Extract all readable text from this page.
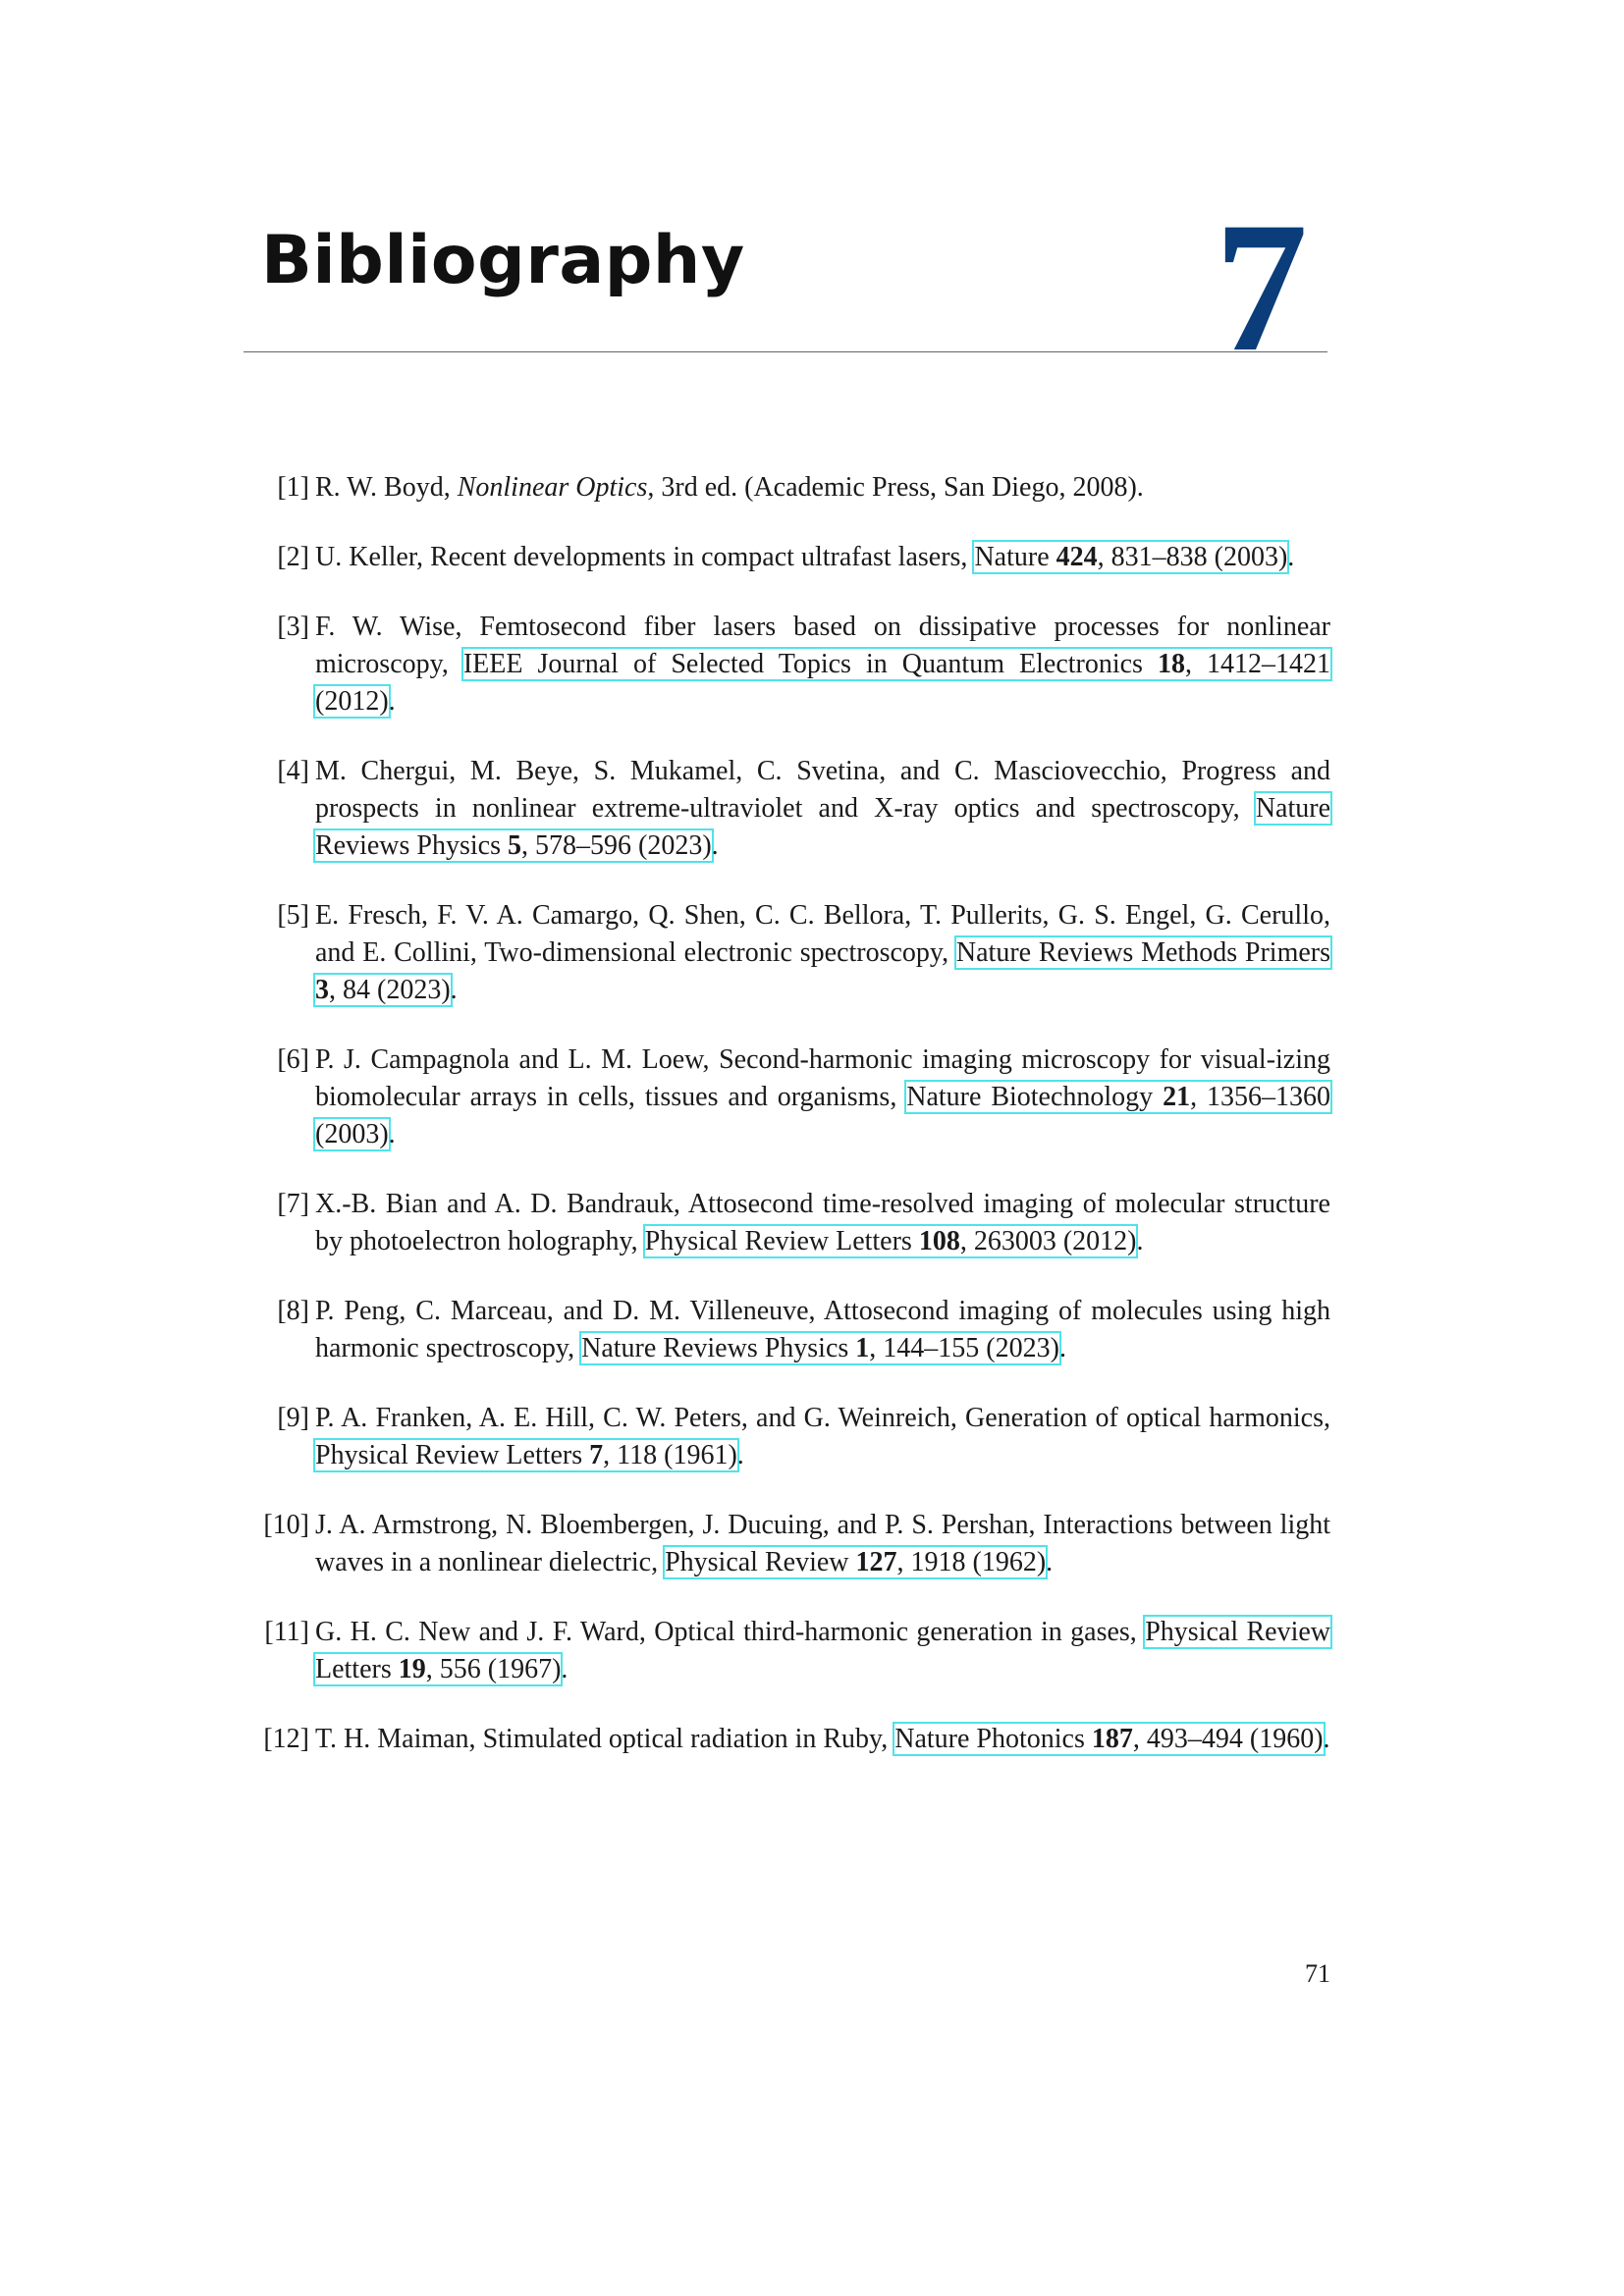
Bibliography	7
[1] R. W. Boyd, Nonlinear Optics, 3rd ed. (Academic Press, San Diego, 2008).
[2] U. Keller, Recent developments in compact ultrafast lasers, Nature 424, 831–838 (2003).
[3] F. W. Wise, Femtosecond fiber lasers based on dissipative processes for nonlinear microscopy, IEEE Journal of Selected Topics in Quantum Electronics 18, 1412–1421 (2012).
[4] M. Chergui, M. Beye, S. Mukamel, C. Svetina, and C. Masciovecchio, Progress and prospects in nonlinear extreme-ultraviolet and X-ray optics and spectroscopy, Nature Reviews Physics 5, 578–596 (2023).
[5] E. Fresch, F. V. A. Camargo, Q. Shen, C. C. Bellora, T. Pullerits, G. S. Engel, G. Cerullo, and E. Collini, Two-dimensional electronic spectroscopy, Nature Reviews Methods Primers 3, 84 (2023).
[6] P. J. Campagnola and L. M. Loew, Second-harmonic imaging microscopy for visual-izing biomolecular arrays in cells, tissues and organisms, Nature Biotechnology 21, 1356–1360 (2003).
[7] X.-B. Bian and A. D. Bandrauk, Attosecond time-resolved imaging of molecular structure by photoelectron holography, Physical Review Letters 108, 263003 (2012).
[8] P. Peng, C. Marceau, and D. M. Villeneuve, Attosecond imaging of molecules using high harmonic spectroscopy, Nature Reviews Physics 1, 144–155 (2023).
[9] P. A. Franken, A. E. Hill, C. W. Peters, and G. Weinreich, Generation of optical harmonics, Physical Review Letters 7, 118 (1961).
[10] J. A. Armstrong, N. Bloembergen, J. Ducuing, and P. S. Pershan, Interactions between light waves in a nonlinear dielectric, Physical Review 127, 1918 (1962).
[11] G. H. C. New and J. F. Ward, Optical third-harmonic generation in gases, Physical Review Letters 19, 556 (1967).
[12] T. H. Maiman, Stimulated optical radiation in Ruby, Nature Photonics 187, 493–494 (1960).
71
